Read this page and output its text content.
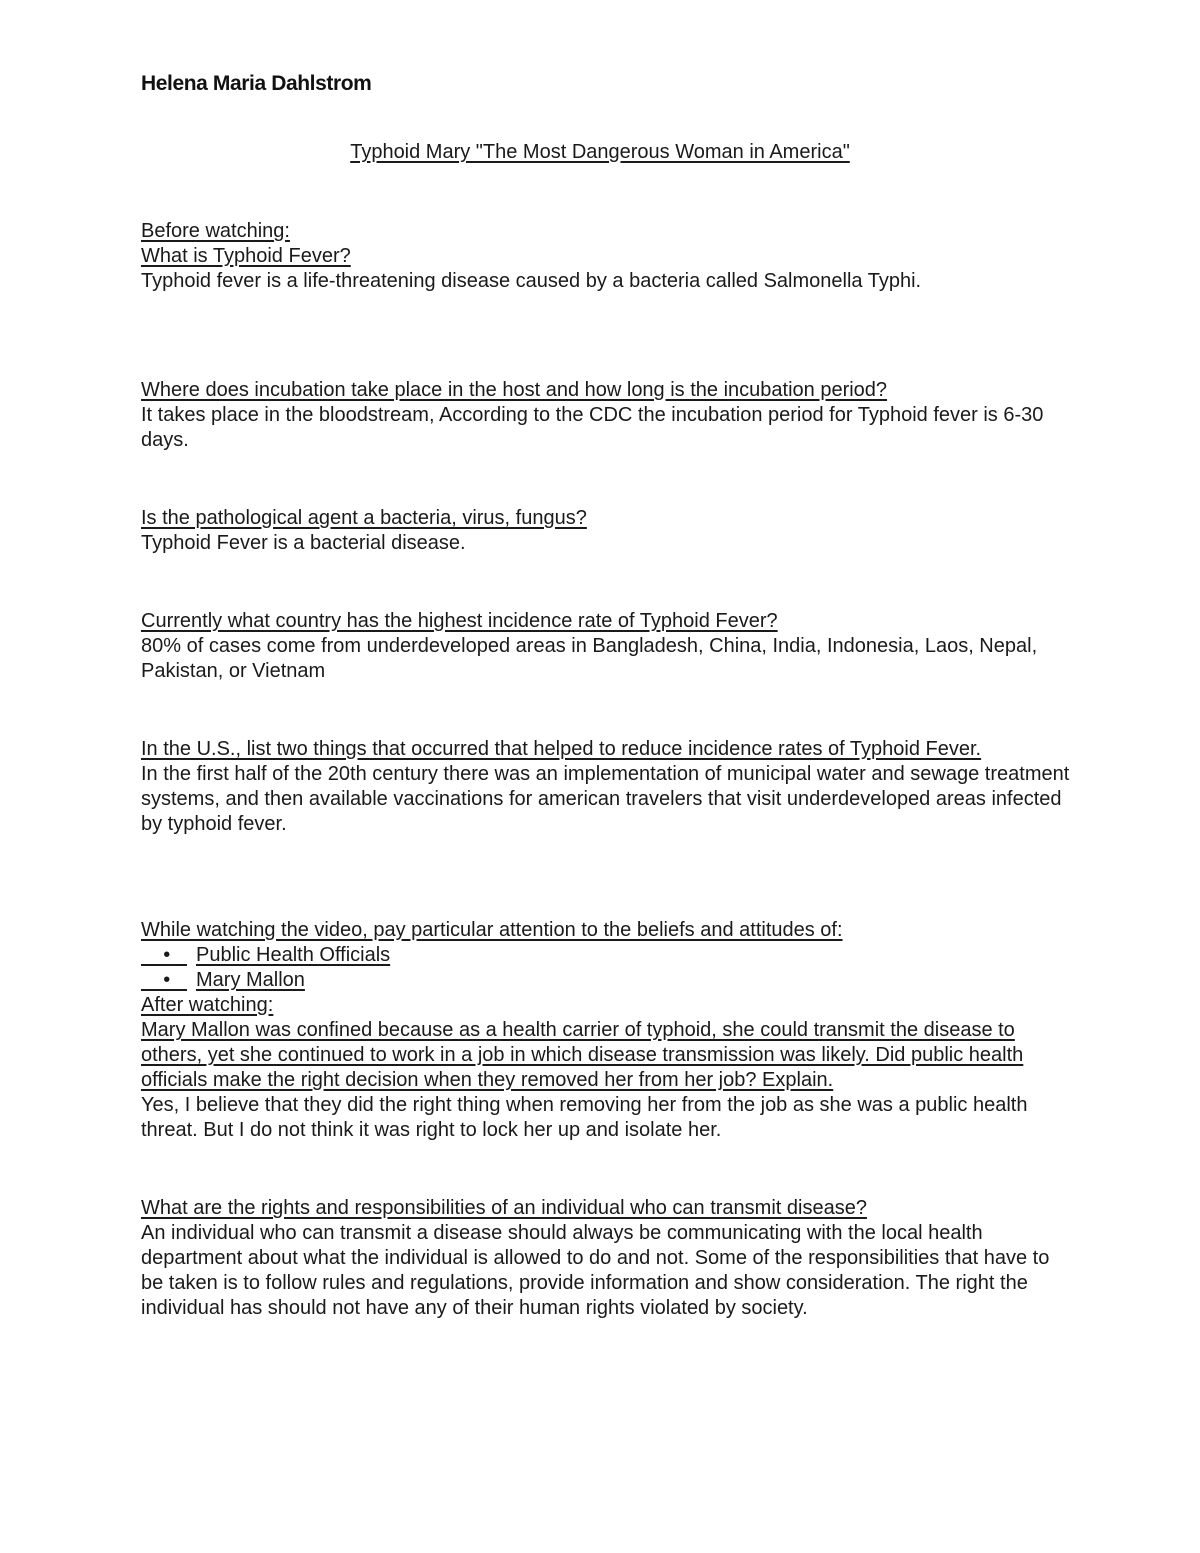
Helena Maria Dahlstrom
Typhoid Mary "The Most Dangerous Woman in America"

Before watching:

What is Typhoid Fever?

Typhoid fever is a life-threatening disease caused by a bacteria called Salmonella Typhi.

Where does incubation take place in the host and how long is the incubation period?

It takes place in the bloodstream, According to the CDC the incubation period for Typhoid fever is 6-30 days.

Is the pathological agent a bacteria, virus, fungus?

Typhoid Fever is a bacterial disease.

Currently what country has the highest incidence rate of Typhoid Fever?

80% of cases come from underdeveloped areas in Bangladesh, China, India, Indonesia, Laos, Nepal, Pakistan, or Vietnam

In the U.S., list two things that occurred that helped to reduce incidence rates of Typhoid Fever.

In the first half of the 20th century there was an implementation of municipal water and sewage treatment systems, and then available vaccinations for american travelers that visit underdeveloped areas infected by typhoid fever.

While watching the video, pay particular attention to the beliefs and attitudes of:

•	Public Health Officials
•	Mary Mallon

After watching:

Mary Mallon was confined because as a health carrier of typhoid, she could transmit the disease to others, yet she continued to work in a job in which disease transmission was likely. Did public health officials make the right decision when they removed her from her job? Explain.

Yes, I believe that they did the right thing when removing her from the job as she was a public health threat. But I do not think it was right to lock her up and isolate her.

What are the rights and responsibilities of an individual who can transmit disease?

An individual who can transmit a disease should always be communicating with the local health department about what the individual is allowed to do and not. Some of the responsibilities that have to be taken is to follow rules and regulations, provide information and show consideration. The right the individual has should not have any of their human rights violated by society.
